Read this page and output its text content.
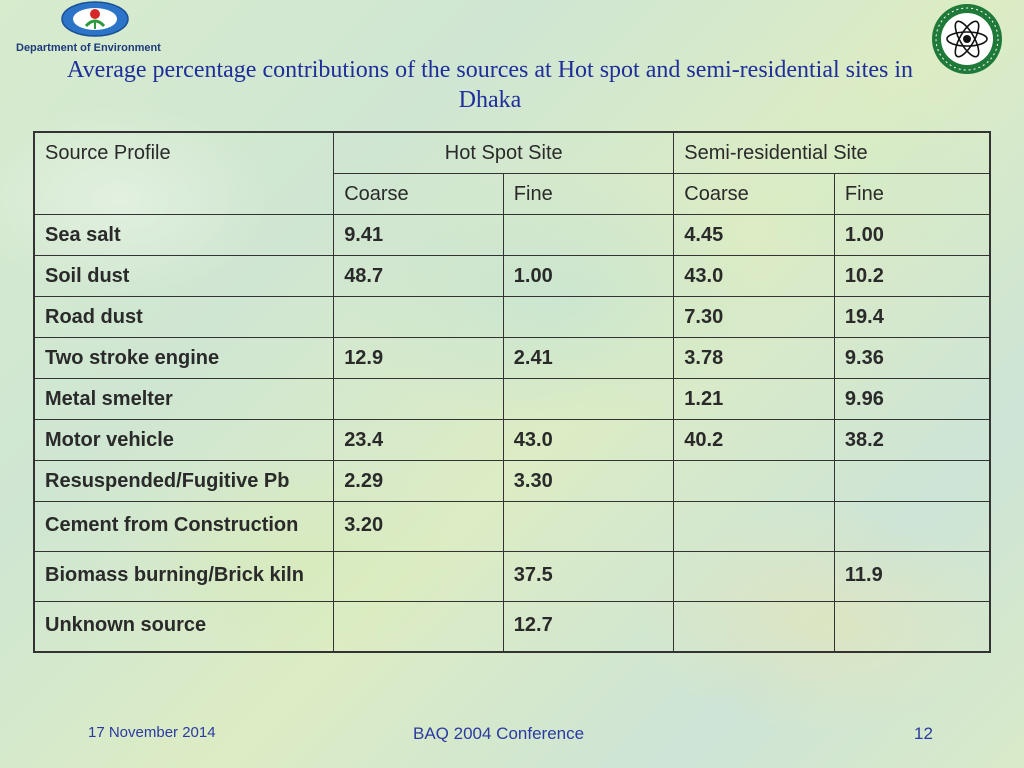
Department of Environment
Average percentage contributions of the sources at Hot spot and semi-residential sites in Dhaka
Source Profile	Hot Spot Site		Semi-residential Site	
	Coarse	Fine	Coarse	Fine
Sea salt	9.41		4.45	1.00
Soil dust	48.7	1.00	43.0	10.2
Road dust			7.30	19.4
Two stroke engine	12.9	2.41	3.78	9.36
Metal smelter			1.21	9.96
Motor vehicle	23.4	43.0	40.2	38.2
Resuspended/Fugitive Pb	2.29	3.30		
Cement from Construction	3.20			
Biomass burning/Brick kiln		37.5		11.9
Unknown source		12.7		
17 November 2014	BAQ 2004 Conference	12
